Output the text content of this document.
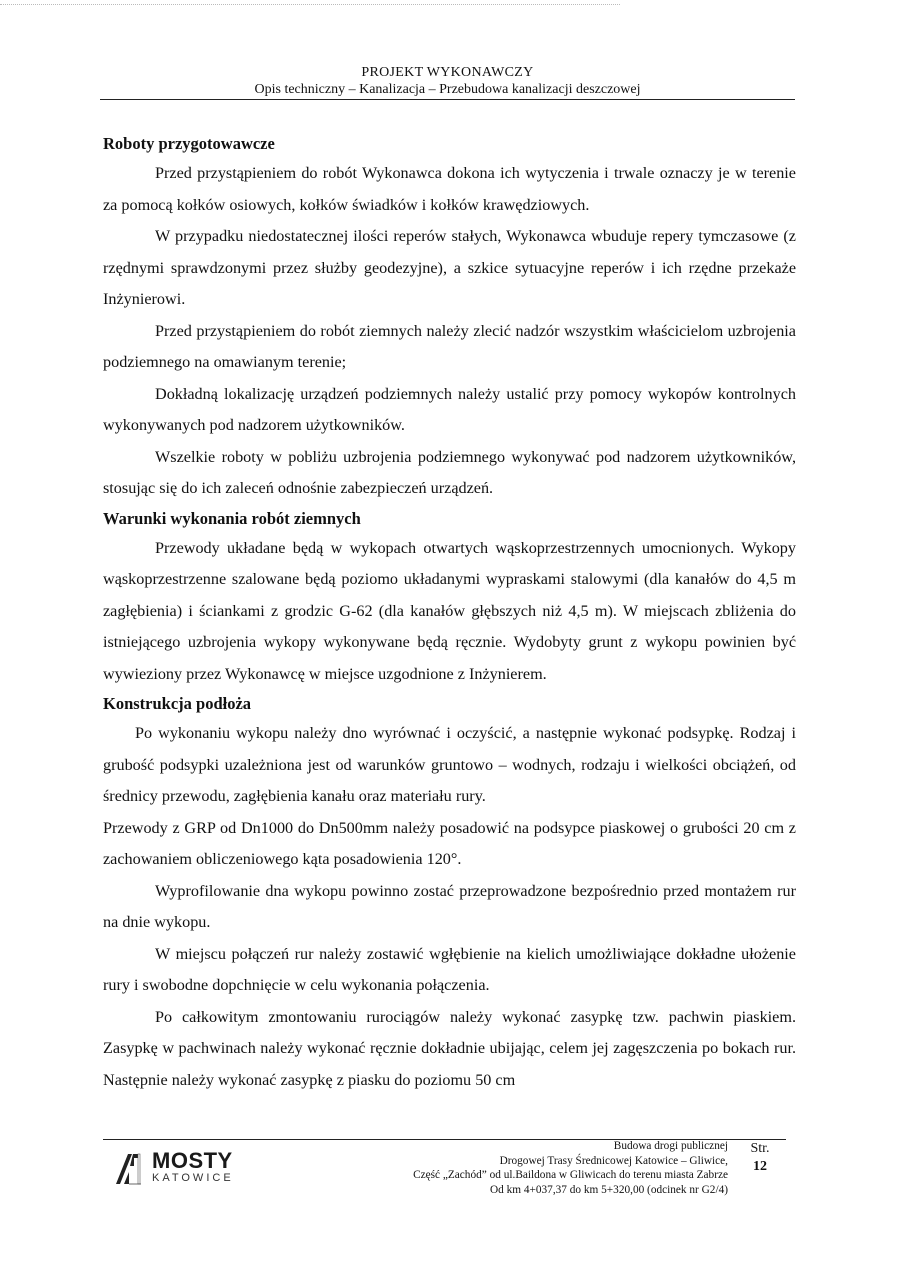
PROJEKT WYKONAWCZY
Opis techniczny – Kanalizacja – Przebudowa kanalizacji deszczowej
Roboty przygotowawcze

Przed przystąpieniem do robót Wykonawca dokona ich wytyczenia i trwale oznaczy je w terenie za pomocą kołków osiowych, kołków świadków i kołków krawędziowych.

W przypadku niedostatecznej ilości reperów stałych, Wykonawca wbuduje repery tymczasowe (z rzędnymi sprawdzonymi przez służby geodezyjne), a szkice sytuacyjne reperów i ich rzędne przekaże Inżynierowi.

Przed przystąpieniem do robót ziemnych należy zlecić nadzór wszystkim właścicielom uzbrojenia podziemnego na omawianym terenie;

Dokładną lokalizację urządzeń podziemnych należy ustalić przy pomocy wykopów kontrolnych wykonywanych pod nadzorem użytkowników.

Wszelkie roboty w pobliżu uzbrojenia podziemnego wykonywać pod nadzorem użytkowników, stosując się do ich zaleceń odnośnie zabezpieczeń urządzeń.

Warunki wykonania robót ziemnych

Przewody układane będą w wykopach otwartych wąskoprzestrzennych umocnionych. Wykopy wąskoprzestrzenne szalowane będą poziomo układanymi wypraskami stalowymi (dla kanałów do 4,5 m zagłębienia) i ściankami z grodzic G-62 (dla kanałów głębszych niż 4,5 m). W miejscach zbliżenia do istniejącego uzbrojenia wykopy wykonywane będą ręcznie. Wydobyty grunt z wykopu powinien być wywieziony przez Wykonawcę w miejsce uzgodnione z Inżynierem.

Konstrukcja podłoża

Po wykonaniu wykopu należy dno wyrównać i oczyścić, a następnie wykonać podsypkę. Rodzaj i grubość podsypki uzależniona jest od warunków gruntowo – wodnych, rodzaju i wielkości obciążeń, od średnicy przewodu, zagłębienia kanału oraz materiału rury.

Przewody z GRP od Dn1000 do Dn500mm należy posadowić na podsypce piaskowej o grubości 20 cm z zachowaniem obliczeniowego kąta posadowienia 120°.

Wyprofilowanie dna wykopu powinno zostać przeprowadzone bezpośrednio przed montażem rur na dnie wykopu.

W miejscu połączeń rur należy zostawić wgłębienie na kielich umożliwiające dokładne ułożenie rury i swobodne dopchnięcie w celu wykonania połączenia.

Po całkowitym zmontowaniu rurociągów należy wykonać zasypkę tzw. pachwin piaskiem. Zasypkę w pachwinach należy wykonać ręcznie dokładnie ubijając, celem jej zagęszczenia po bokach rur. Następnie należy wykonać zasypkę z piasku do poziomu 50 cm

MOSTY
KATOWICE
Budowa drogi publicznej
Drogowej Trasy Średnicowej Katowice – Gliwice,
Część „Zachód” od ul.Baildona w Gliwicach do terenu miasta Zabrze
Od km 4+037,37 do km 5+320,00 (odcinek nr G2/4)
Str.
12
